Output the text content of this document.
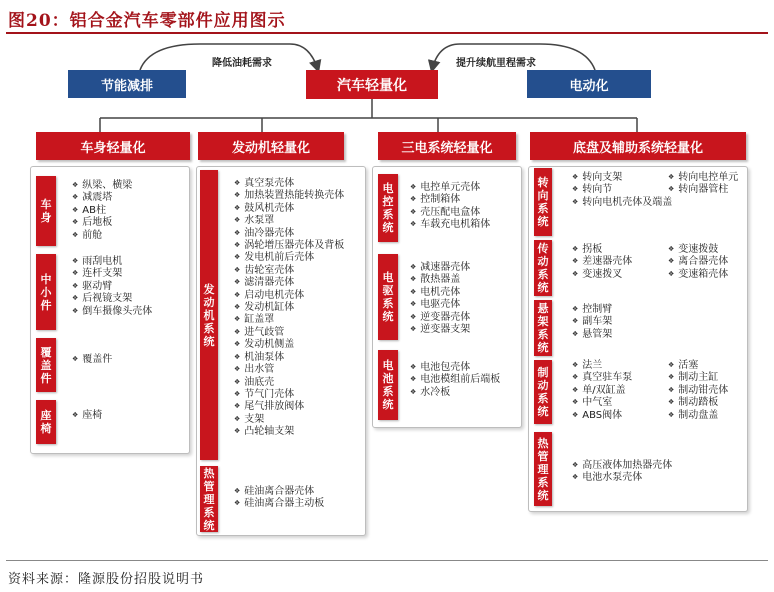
图20：铝合金汽车零部件应用图示
节能减排	汽车轻量化	电动化
降低油耗需求	提升续航里程需求
车身轻量化	发动机轻量化	三电系统轻量化	底盘及辅助系统轻量化
车身
❖ 纵梁、横梁
❖ 减震塔
❖ AB柱
❖ 后地板
❖ 前舱
中小件
❖ 雨刮电机
❖ 连杆支架
❖ 驱动臂
❖ 后视镜支架
❖ 倒车摄像头壳体
覆盖件
❖ 覆盖件
座椅
❖ 座椅
发动机系统
❖ 真空泵壳体
❖ 加热装置热能转换壳体
❖ 鼓风机壳体
❖ 水泵罩
❖ 油冷器壳体
❖ 涡轮增压器壳体及背板
❖ 发电机前后壳体
❖ 齿轮室壳体
❖ 滤清器壳体
❖ 启动电机壳体
❖ 发动机缸体
❖ 缸盖罩
❖ 进气歧管
❖ 发动机侧盖
❖ 机油泵体
❖ 出水管
❖ 油底壳
❖ 节气门壳体
❖ 尾气排放阀体
❖ 支架
❖ 凸轮轴支架
热管理系统
❖ 硅油离合器壳体
❖ 硅油离合器主动板
电控系统
❖ 电控单元壳体
❖ 控制箱体
❖ 壳压配电盒体
❖ 车载充电机箱体
电驱系统
❖ 减速器壳体
❖ 散热器盖
❖ 电机壳体
❖ 电驱壳体
❖ 逆变器壳体
❖ 逆变器支架
电池系统
❖ 电池包壳体
❖ 电池模组前后端板
❖ 水冷板
转向系统
❖ 转向支架
❖ 转向节
❖ 转向电机壳体及端盖
❖ 转向电控单元
❖ 转向器管柱
传动系统
❖ 拐板
❖ 差速器壳体
❖ 变速拨叉
❖ 变速拨鼓
❖ 离合器壳体
❖ 变速箱壳体
悬架系统
❖ 控制臂
❖ 副车架
❖ 悬管架
制动系统
❖ 法兰
❖ 真空驻车泵
❖ 单/双缸盖
❖ 中气室
❖ ABS阀体
❖ 活塞
❖ 制动主缸
❖ 制动钳壳体
❖ 制动踏板
❖ 制动盘盖
热管理系统
❖ 高压液体加热器壳体
❖ 电池水泵壳体
资料来源：隆源股份招股说明书
